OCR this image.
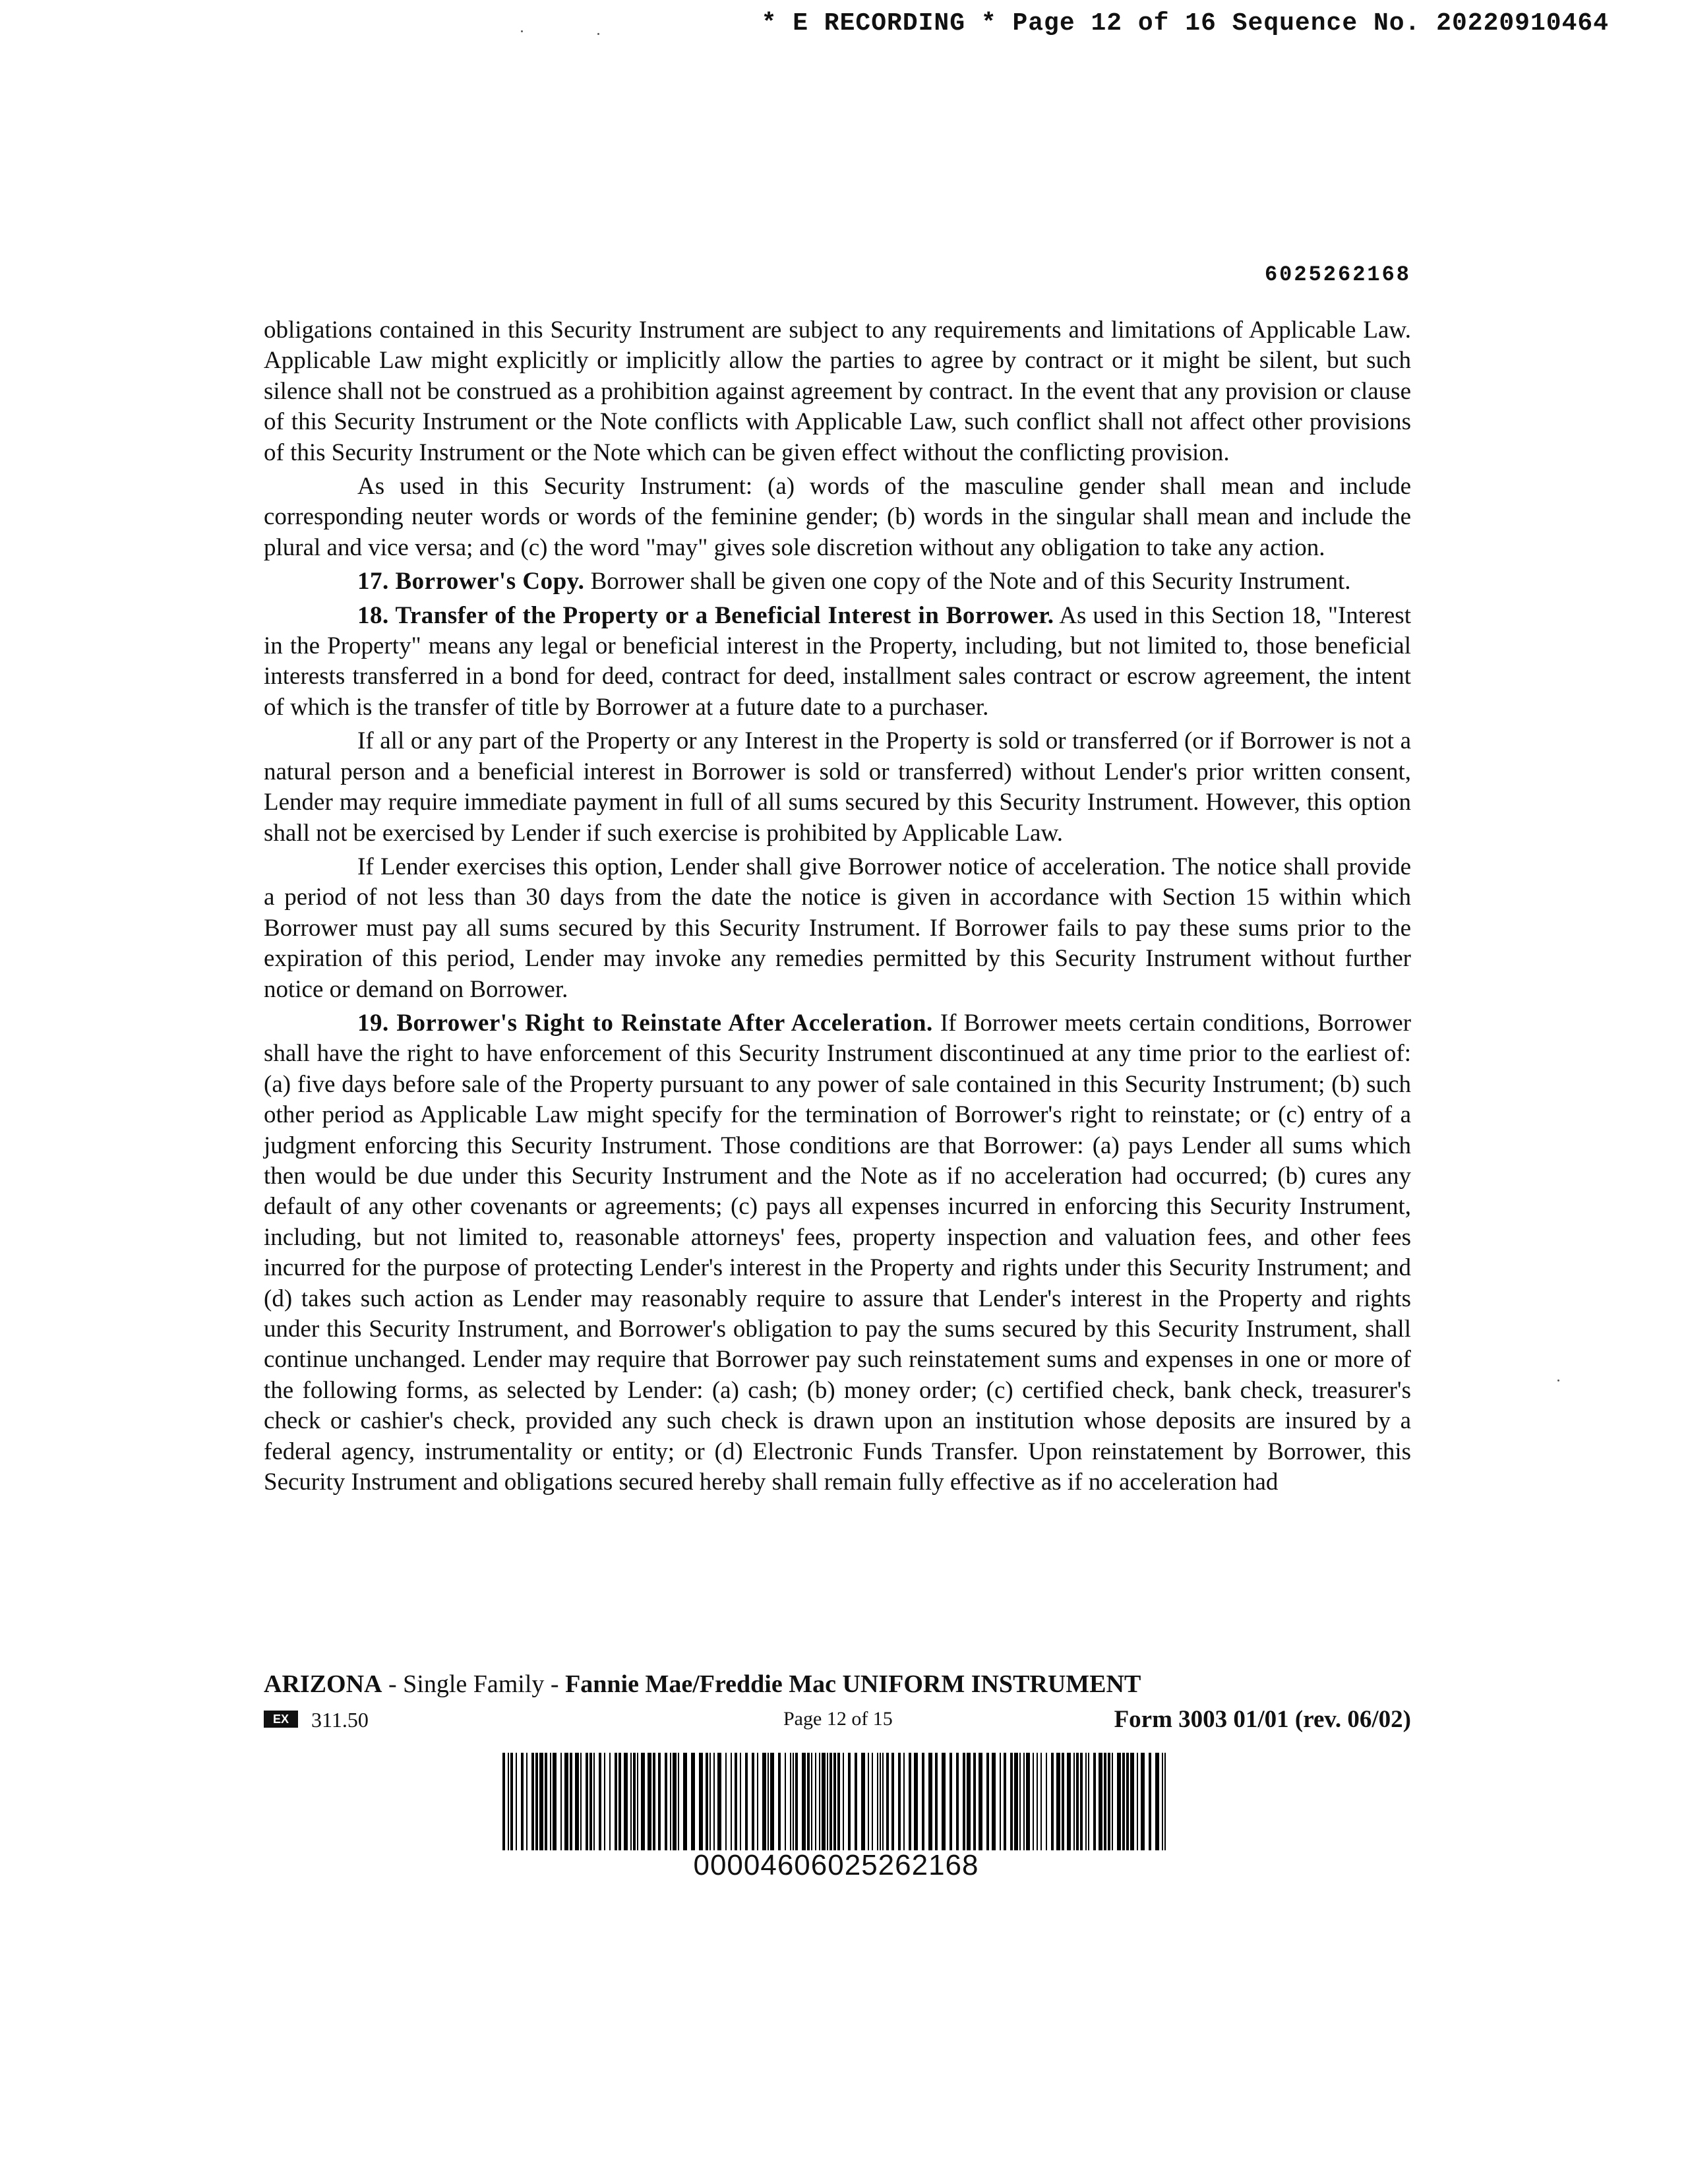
* E RECORDING * Page 12 of 16 Sequence No. 20220910464
6025262168

obligations contained in this Security Instrument are subject to any requirements and limitations of Applicable Law. Applicable Law might explicitly or implicitly allow the parties to agree by contract or it might be silent, but such silence shall not be construed as a prohibition against agreement by contract. In the event that any provision or clause of this Security Instrument or the Note conflicts with Applicable Law, such conflict shall not affect other provisions of this Security Instrument or the Note which can be given effect without the conflicting provision.

As used in this Security Instrument: (a) words of the masculine gender shall mean and include corresponding neuter words or words of the feminine gender; (b) words in the singular shall mean and include the plural and vice versa; and (c) the word "may" gives sole discretion without any obligation to take any action.

17. Borrower's Copy. Borrower shall be given one copy of the Note and of this Security Instrument.

18. Transfer of the Property or a Beneficial Interest in Borrower. As used in this Section 18, "Interest in the Property" means any legal or beneficial interest in the Property, including, but not limited to, those beneficial interests transferred in a bond for deed, contract for deed, installment sales contract or escrow agreement, the intent of which is the transfer of title by Borrower at a future date to a purchaser.

If all or any part of the Property or any Interest in the Property is sold or transferred (or if Borrower is not a natural person and a beneficial interest in Borrower is sold or transferred) without Lender's prior written consent, Lender may require immediate payment in full of all sums secured by this Security Instrument. However, this option shall not be exercised by Lender if such exercise is prohibited by Applicable Law.

If Lender exercises this option, Lender shall give Borrower notice of acceleration. The notice shall provide a period of not less than 30 days from the date the notice is given in accordance with Section 15 within which Borrower must pay all sums secured by this Security Instrument. If Borrower fails to pay these sums prior to the expiration of this period, Lender may invoke any remedies permitted by this Security Instrument without further notice or demand on Borrower.

19. Borrower's Right to Reinstate After Acceleration. If Borrower meets certain conditions, Borrower shall have the right to have enforcement of this Security Instrument discontinued at any time prior to the earliest of: (a) five days before sale of the Property pursuant to any power of sale contained in this Security Instrument; (b) such other period as Applicable Law might specify for the termination of Borrower's right to reinstate; or (c) entry of a judgment enforcing this Security Instrument. Those conditions are that Borrower: (a) pays Lender all sums which then would be due under this Security Instrument and the Note as if no acceleration had occurred; (b) cures any default of any other covenants or agreements; (c) pays all expenses incurred in enforcing this Security Instrument, including, but not limited to, reasonable attorneys' fees, property inspection and valuation fees, and other fees incurred for the purpose of protecting Lender's interest in the Property and rights under this Security Instrument; and (d) takes such action as Lender may reasonably require to assure that Lender's interest in the Property and rights under this Security Instrument, and Borrower's obligation to pay the sums secured by this Security Instrument, shall continue unchanged. Lender may require that Borrower pay such reinstatement sums and expenses in one or more of the following forms, as selected by Lender: (a) cash; (b) money order; (c) certified check, bank check, treasurer's check or cashier's check, provided any such check is drawn upon an institution whose deposits are insured by a federal agency, instrumentality or entity; or (d) Electronic Funds Transfer. Upon reinstatement by Borrower, this Security Instrument and obligations secured hereby shall remain fully effective as if no acceleration had

ARIZONA - Single Family - Fannie Mae/Freddie Mac UNIFORM INSTRUMENT
EX	311.50	Page 12 of 15	Form 3003 01/01 (rev. 06/02)
00004606025262168
